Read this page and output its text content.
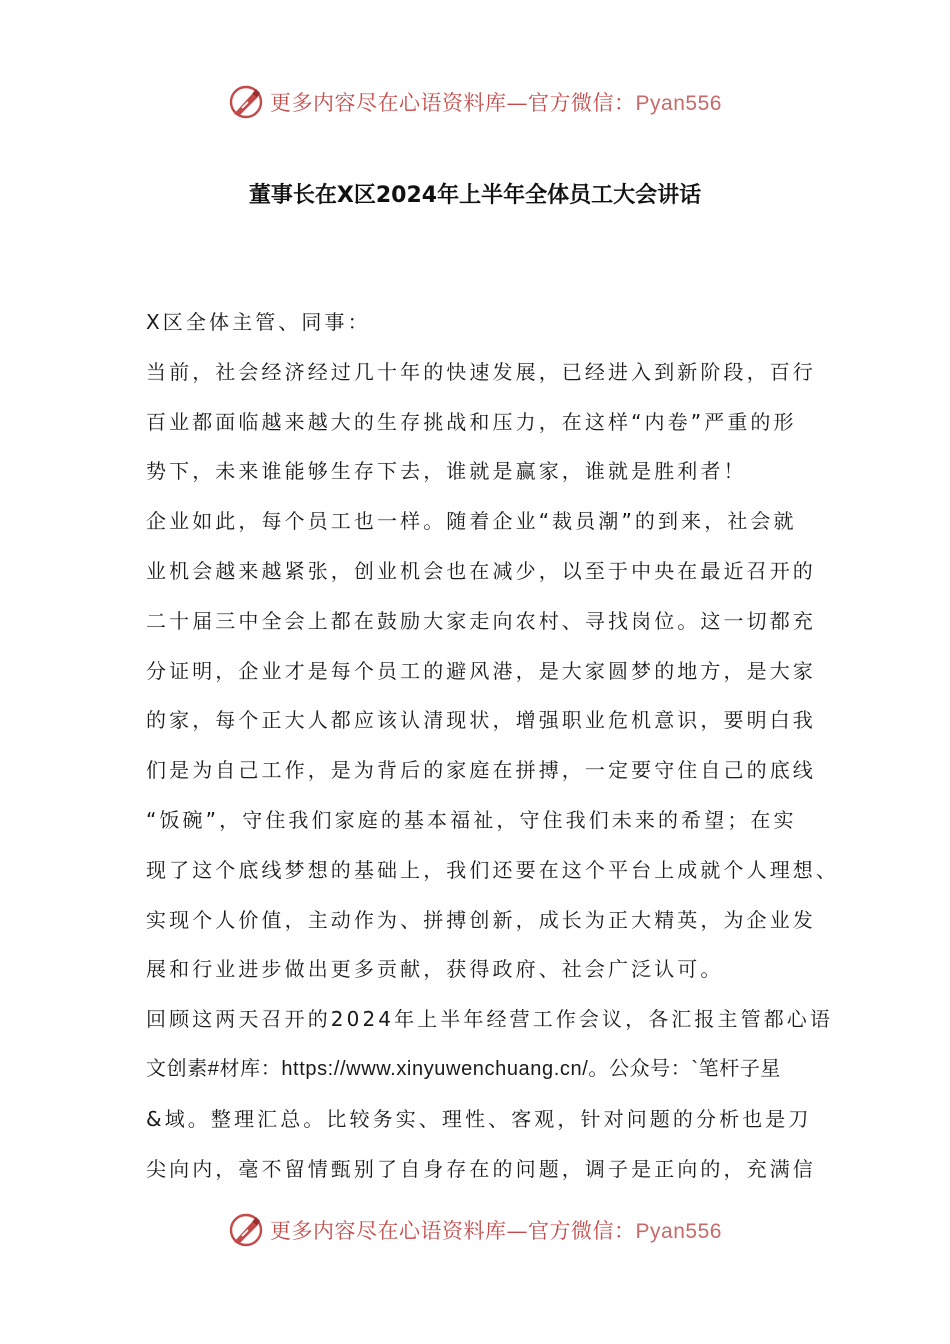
更多内容尽在心语资料库—官方微信：Pyan556
董事长在X区2024年上半年全体员工大会讲话
X区全体主管、同事：
当前，社会经济经过几十年的快速发展，已经进入到新阶段，百行
百业都面临越来越大的生存挑战和压力，在这样“内卷”严重的形
势下，未来谁能够生存下去，谁就是赢家，谁就是胜利者！
企业如此，每个员工也一样。随着企业“裁员潮”的到来，社会就
业机会越来越紧张，创业机会也在减少，以至于中央在最近召开的
二十届三中全会上都在鼓励大家走向农村、寻找岗位。这一切都充
分证明，企业才是每个员工的避风港，是大家圆梦的地方，是大家
的家，每个正大人都应该认清现状，增强职业危机意识，要明白我
们是为自己工作，是为背后的家庭在拼搏，一定要守住自己的底线
“饭碗”，守住我们家庭的基本福祉，守住我们未来的希望；在实
现了这个底线梦想的基础上，我们还要在这个平台上成就个人理想、
实现个人价值，主动作为、拼搏创新，成长为正大精英，为企业发
展和行业进步做出更多贡献，获得政府、社会广泛认可。
回顾这两天召开的2024年上半年经营工作会议，各汇报主管都心语
文创素#材库：https://www.xinyuwenchuang.cn/。公众号：`笔杆子星
&域。整理汇总。比较务实、理性、客观，针对问题的分析也是刀
尖向内，毫不留情甄别了自身存在的问题，调子是正向的，充满信
更多内容尽在心语资料库—官方微信：Pyan556
